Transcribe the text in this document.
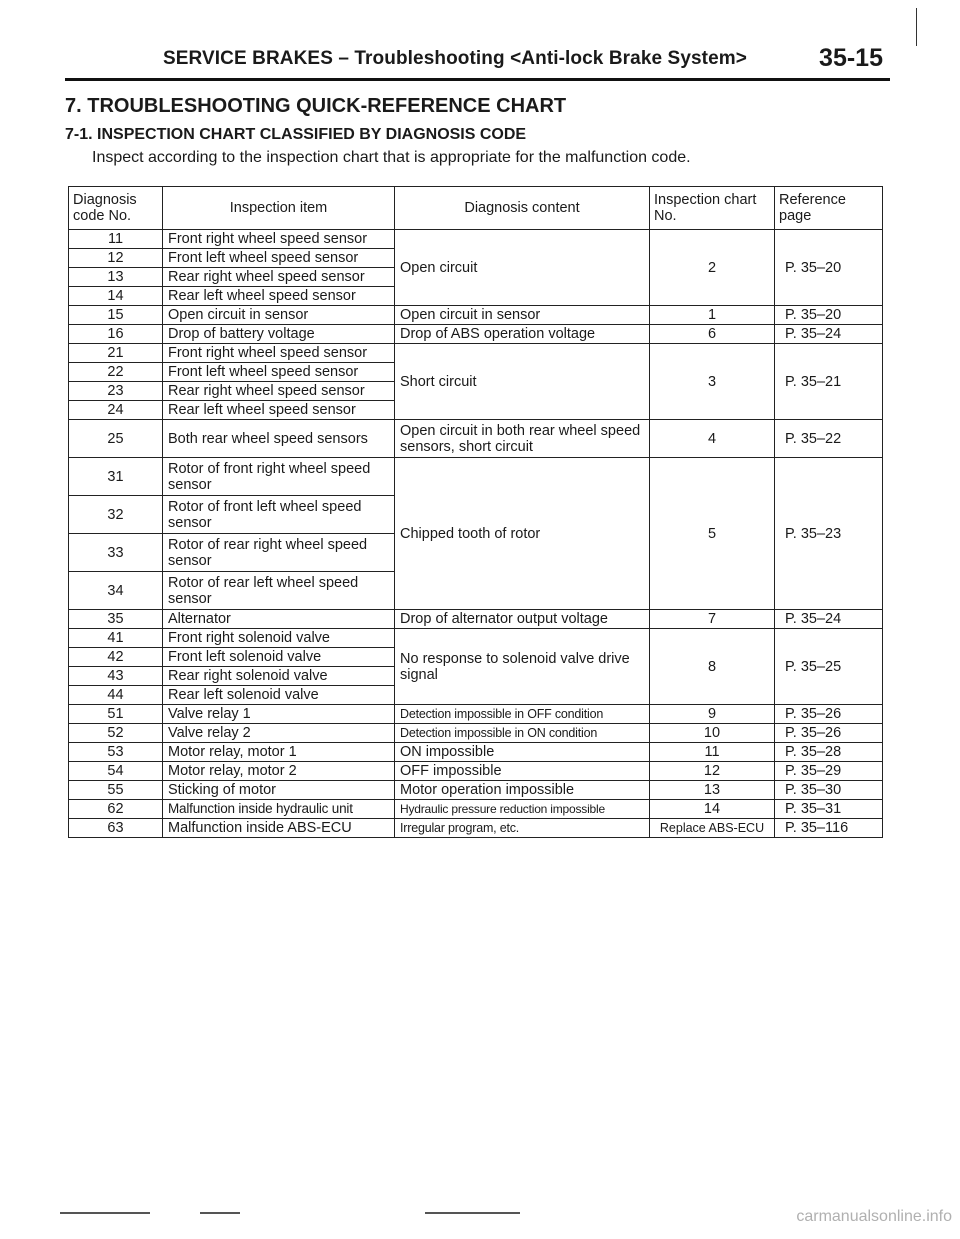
SERVICE BRAKES – Troubleshooting <Anti-lock Brake System>	35-15
7. TROUBLESHOOTING QUICK-REFERENCE CHART
7-1. INSPECTION CHART CLASSIFIED BY DIAGNOSIS CODE
Inspect according to the inspection chart that is appropriate for the malfunction code.
Diagnosis code No.	Inspection item	Diagnosis content	Inspection chart No.	Reference page
11	Front right wheel speed sensor	Open circuit	2	P. 35–20
12	Front left wheel speed sensor			
13	Rear right wheel speed sensor			
14	Rear left wheel speed sensor			
15	Open circuit in sensor	Open circuit in sensor	1	P. 35–20
16	Drop of battery voltage	Drop of ABS operation voltage	6	P. 35–24
21	Front right wheel speed sensor	Short circuit	3	P. 35–21
22	Front left wheel speed sensor			
23	Rear right wheel speed sensor			
24	Rear left wheel speed sensor			
25	Both rear wheel speed sensors	Open circuit in both rear wheel speed sensors, short circuit	4	P. 35–22
31	Rotor of front right wheel speed sensor	Chipped tooth of rotor	5	P. 35–23
32	Rotor of front left wheel speed sensor			
33	Rotor of rear right wheel speed sensor			
34	Rotor of rear left wheel speed sensor			
35	Alternator	Drop of alternator output voltage	7	P. 35–24
41	Front right solenoid valve	No response to solenoid valve drive signal	8	P. 35–25
42	Front left solenoid valve			
43	Rear right solenoid valve			
44	Rear left solenoid valve			
51	Valve relay 1	Detection impossible in OFF condition	9	P. 35–26
52	Valve relay 2	Detection impossible in ON condition	10	P. 35–26
53	Motor relay, motor 1	ON impossible	11	P. 35–28
54	Motor relay, motor 2	OFF impossible	12	P. 35–29
55	Sticking of motor	Motor operation impossible	13	P. 35–30
62	Malfunction inside hydraulic unit	Hydraulic pressure reduction impossible	14	P. 35–31
63	Malfunction inside ABS-ECU	Irregular program, etc.	Replace ABS-ECU	P. 35–116
carmanualsonline.info
